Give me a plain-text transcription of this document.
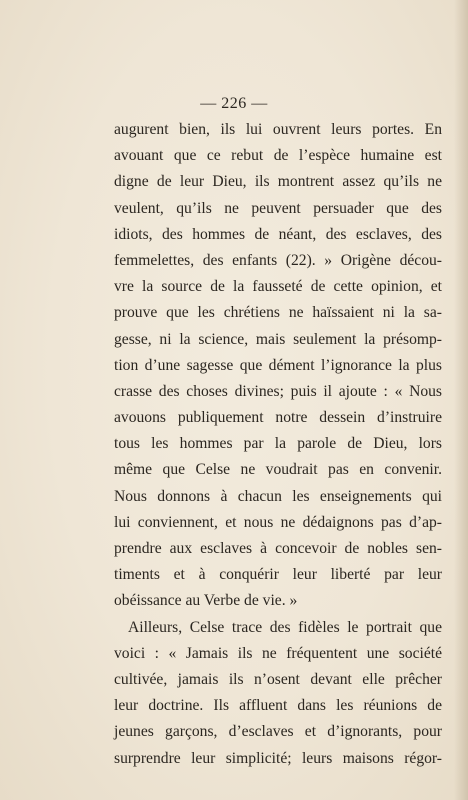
— 226 —
augurent bien, ils lui ouvrent leurs portes. En
avouant que ce rebut de l’espèce humaine est
digne de leur Dieu, ils montrent assez qu’ils ne
veulent, qu’ils ne peuvent persuader que des
idiots, des hommes de néant, des esclaves, des
femmelettes, des enfants (22). » Origène décou-
vre la source de la fausseté de cette opinion, et
prouve que les chrétiens ne haïssaient ni la sa-
gesse, ni la science, mais seulement la présomp-
tion d’une sagesse que dément l’ignorance la plus
crasse des choses divines; puis il ajoute : « Nous
avouons publiquement notre dessein d’instruire
tous les hommes par la parole de Dieu, lors
même que Celse ne voudrait pas en convenir.
Nous donnons à chacun les enseignements qui
lui conviennent, et nous ne dédaignons pas d’ap-
prendre aux esclaves à concevoir de nobles sen-
timents et à conquérir leur liberté par leur
obéissance au Verbe de vie. »
Ailleurs, Celse trace des fidèles le portrait que
voici : « Jamais ils ne fréquentent une société
cultivée, jamais ils n’osent devant elle prêcher
leur doctrine. Ils affluent dans les réunions de
jeunes garçons, d’esclaves et d’ignorants, pour
surprendre leur simplicité; leurs maisons régor-
